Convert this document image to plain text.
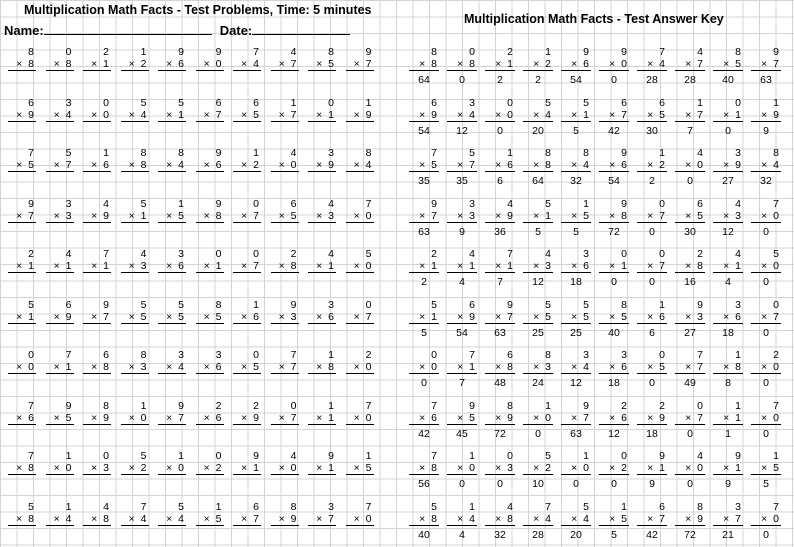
Multiplication Math Facts - Test Problems, Time: 5 minutes
Name:	Date:
8
× 8
0
× 8
2
× 1
1
× 2
9
× 6
9
× 0
7
× 4
4
× 7
8
× 5
9
× 7
6
× 9
3
× 4
0
× 0
5
× 4
5
× 1
6
× 7
6
× 5
1
× 7
0
× 1
1
× 9
7
× 5
5
× 7
1
× 6
8
× 8
8
× 4
9
× 6
1
× 2
4
× 0
3
× 9
8
× 4
9
× 7
3
× 3
4
× 9
5
× 1
1
× 5
9
× 8
0
× 7
6
× 5
4
× 3
7
× 0
2
× 1
4
× 1
7
× 1
4
× 3
3
× 6
0
× 1
0
× 7
2
× 8
4
× 1
5
× 0
5
× 1
6
× 9
9
× 7
5
× 5
5
× 5
8
× 5
1
× 6
9
× 3
3
× 6
0
× 7
0
× 0
7
× 1
6
× 8
8
× 3
3
× 4
3
× 6
0
× 5
7
× 7
1
× 8
2
× 0
7
× 6
9
× 5
8
× 9
1
× 0
9
× 7
2
× 6
2
× 9
0
× 7
1
× 1
7
× 0
7
× 8
1
× 0
0
× 3
5
× 2
1
× 0
0
× 2
9
× 1
4
× 0
9
× 1
1
× 5
5
× 8
1
× 4
4
× 8
7
× 4
5
× 4
1
× 5
6
× 7
8
× 9
3
× 7
7
× 0
Multiplication Math Facts - Test Answer Key
8
× 8
64
0
× 8
0
2
× 1
2
1
× 2
2
9
× 6
54
9
× 0
0
7
× 4
28
4
× 7
28
8
× 5
40
9
× 7
63
6
× 9
54
3
× 4
12
0
× 0
0
5
× 4
20
5
× 1
5
6
× 7
42
6
× 5
30
1
× 7
7
0
× 1
0
1
× 9
9
7
× 5
35
5
× 7
35
1
× 6
6
8
× 8
64
8
× 4
32
9
× 6
54
1
× 2
2
4
× 0
0
3
× 9
27
8
× 4
32
9
× 7
63
3
× 3
9
4
× 9
36
5
× 1
5
1
× 5
5
9
× 8
72
0
× 7
0
6
× 5
30
4
× 3
12
7
× 0
0
2
× 1
2
4
× 1
4
7
× 1
7
4
× 3
12
3
× 6
18
0
× 1
0
0
× 7
0
2
× 8
16
4
× 1
4
5
× 0
0
5
× 1
5
6
× 9
54
9
× 7
63
5
× 5
25
5
× 5
25
8
× 5
40
1
× 6
6
9
× 3
27
3
× 6
18
0
× 7
0
0
× 0
0
7
× 1
7
6
× 8
48
8
× 3
24
3
× 4
12
3
× 6
18
0
× 5
0
7
× 7
49
1
× 8
8
2
× 0
0
7
× 6
42
9
× 5
45
8
× 9
72
1
× 0
0
9
× 7
63
2
× 6
12
2
× 9
18
0
× 7
0
1
× 1
1
7
× 0
0
7
× 8
56
1
× 0
0
0
× 3
0
5
× 2
10
1
× 0
0
0
× 2
0
9
× 1
9
4
× 0
0
9
× 1
9
1
× 5
5
5
× 8
40
1
× 4
4
4
× 8
32
7
× 4
28
5
× 4
20
1
× 5
5
6
× 7
42
8
× 9
72
3
× 7
21
7
× 0
0
